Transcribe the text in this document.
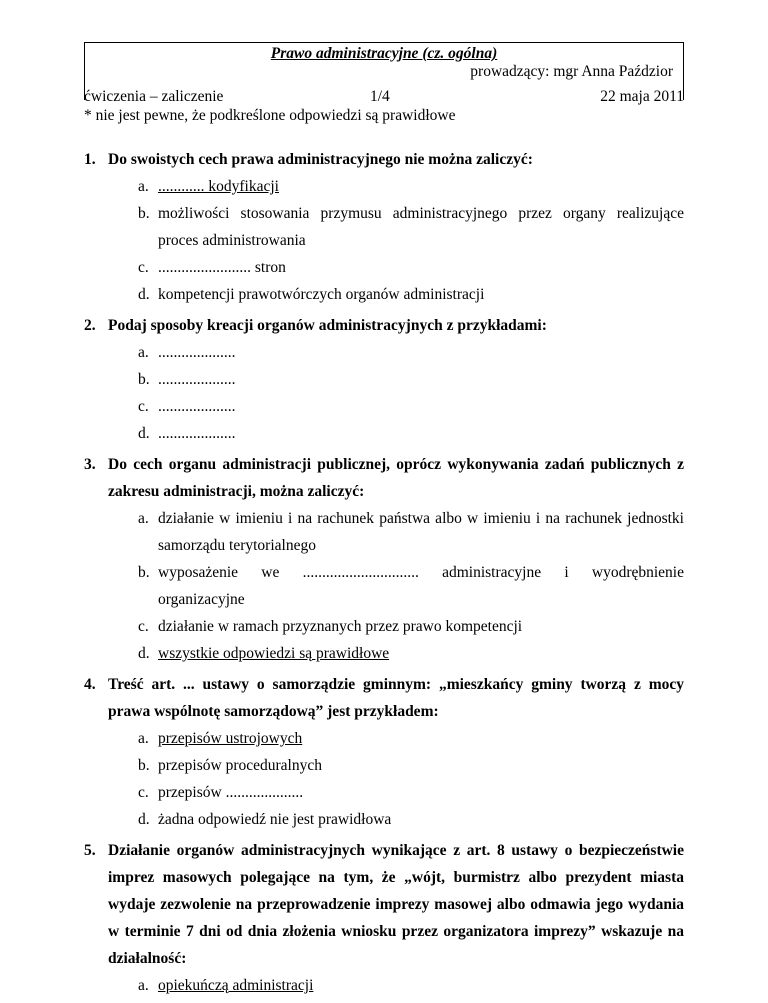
Prawo administracyjne (cz. ogólna)
prowadzący: mgr Anna Paździor
ćwiczenia – zaliczenie	1/4	22 maja 2011
* nie jest pewne, że podkreślone odpowiedzi są prawidłowe
1. Do swoistych cech prawa administracyjnego nie można zaliczyć:
a. ............ kodyfikacji
b. możliwości stosowania przymusu administracyjnego przez organy realizujące proces administrowania
c. ........................ stron
d. kompetencji prawotwórczych organów administracji
2. Podaj sposoby kreacji organów administracyjnych z przykładami:
a. ....................
b. ....................
c. ....................
d. ....................
3. Do cech organu administracji publicznej, oprócz wykonywania zadań publicznych z zakresu administracji, można zaliczyć:
a. działanie w imieniu i na rachunek państwa albo w imieniu i na rachunek jednostki samorządu terytorialnego
b. wyposażenie we .............................. administracyjne i wyodrębnienie
organizacyjne
c. działanie w ramach przyznanych przez prawo kompetencji
d. wszystkie odpowiedzi są prawidłowe
4. Treść art. ... ustawy o samorządzie gminnym: „mieszkańcy gminy tworzą z mocy prawa wspólnotę samorządową” jest przykładem:
a. przepisów ustrojowych
b. przepisów proceduralnych
c. przepisów ....................
d. żadna odpowiedź nie jest prawidłowa
5. Działanie organów administracyjnych wynikające z art. 8 ustawy o bezpieczeństwie imprez masowych polegające na tym, że „wójt, burmistrz albo prezydent miasta wydaje zezwolenie na przeprowadzenie imprezy masowej albo odmawia jego wydania w terminie 7 dni od dnia złożenia wniosku przez organizatora imprezy” wskazuje na działalność:
a. opiekuńczą administracji
